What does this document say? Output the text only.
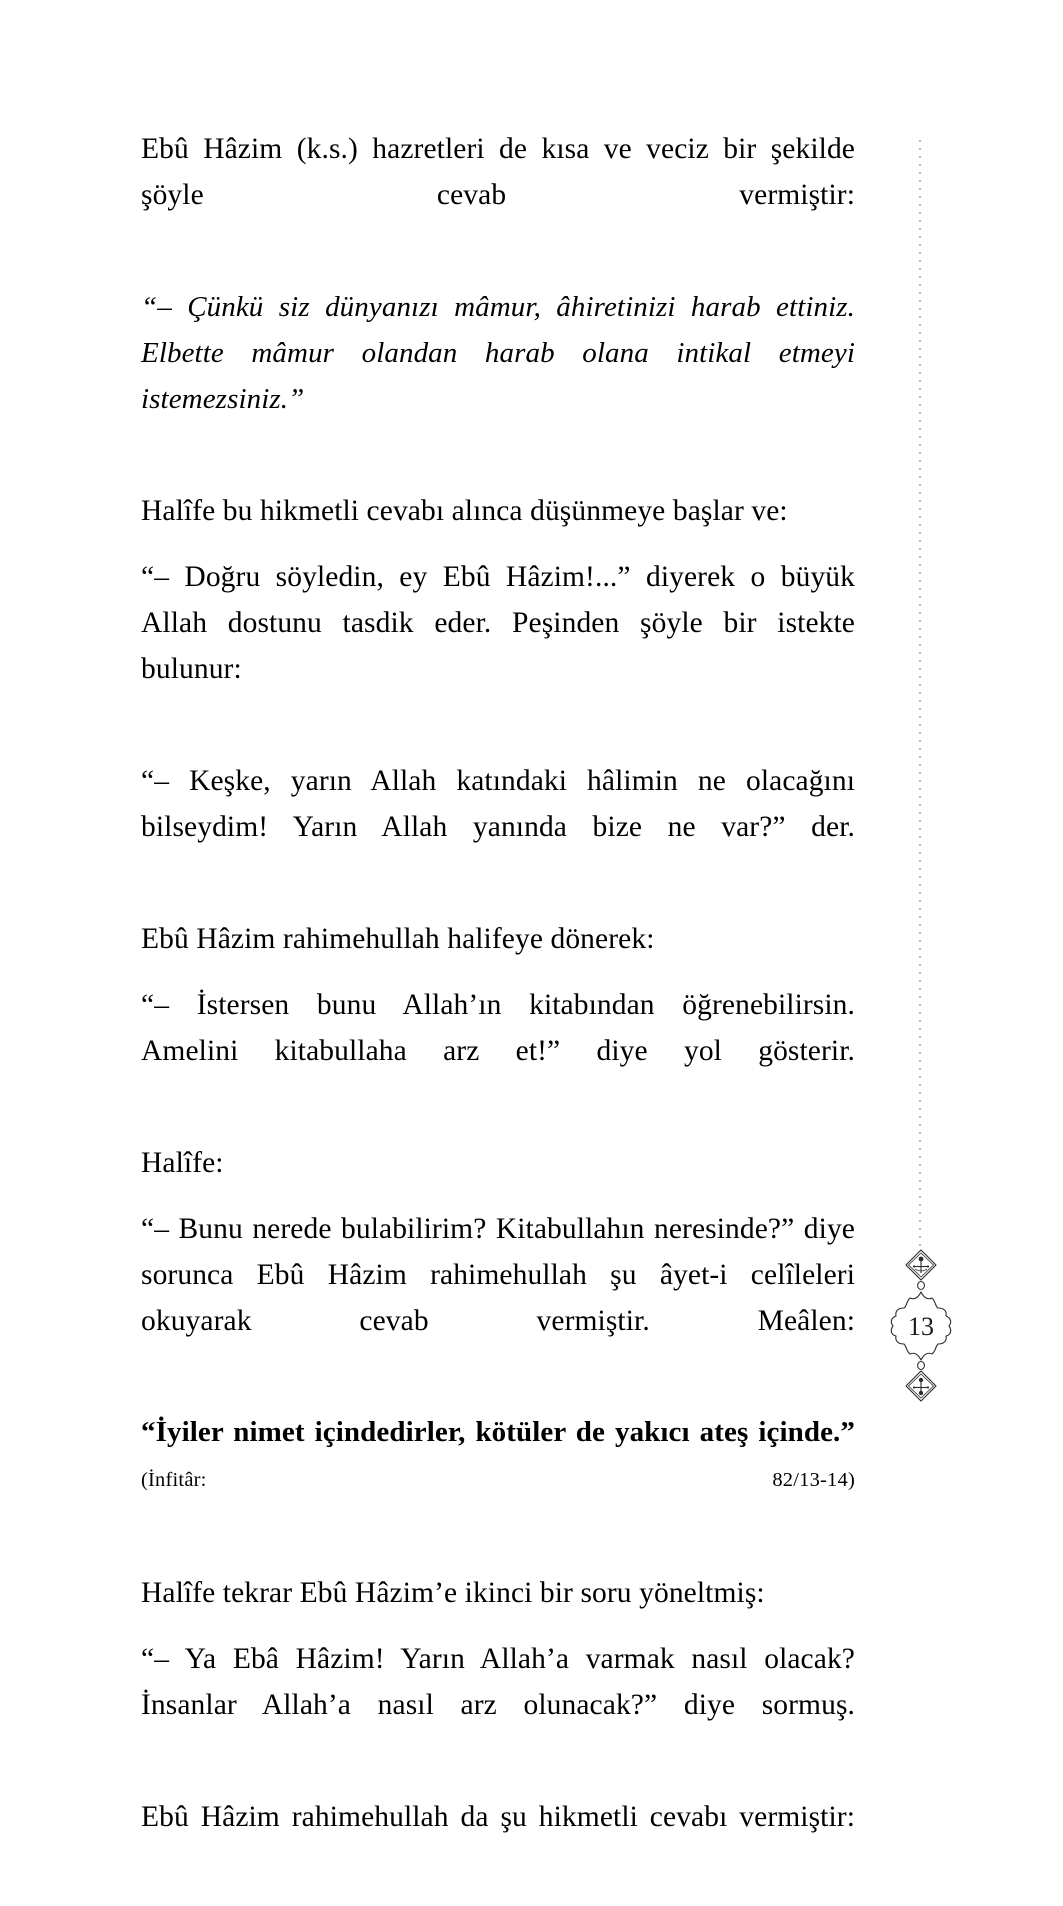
Ebû Hâzim (k.s.) hazretleri de kısa ve veciz bir şekilde şöyle cevab vermiştir:

“– Çünkü siz dünyanızı mâmur, âhiretinizi harab ettiniz. Elbette mâmur olandan harab olana intikal etmeyi istemezsiniz.”

Halîfe bu hikmetli cevabı alınca düşünmeye başlar ve:

“– Doğru söyledin, ey Ebû Hâzim!...” diyerek o büyük Allah dostunu tasdik eder. Peşinden şöyle bir istekte bulunur:

“– Keşke, yarın Allah katındaki hâlimin ne olacağını bilseydim! Yarın Allah yanında bize ne var?” der.

Ebû Hâzim rahimehullah halifeye dönerek:

“– İstersen bunu Allah’ın kitabından öğrenebilirsin. Amelini kitabullaha arz et!” diye yol gösterir.

Halîfe:

“– Bunu nerede bulabilirim? Kitabullahın neresinde?” diye sorunca Ebû Hâzim rahimehullah şu âyet-i celîleleri okuyarak cevab vermiştir. Meâlen:

“İyiler nimet içindedirler, kötüler de yakıcı ateş içinde.” (İnfitâr: 82/13-14)

Halîfe tekrar Ebû Hâzim’e ikinci bir soru yöneltmiş:

“– Ya Ebâ Hâzim! Yarın Allah’a varmak nasıl olacak? İnsanlar Allah’a nasıl arz olunacak?” diye sormuş.

Ebû Hâzim rahimehullah da şu hikmetli cevabı vermiştir:

13
